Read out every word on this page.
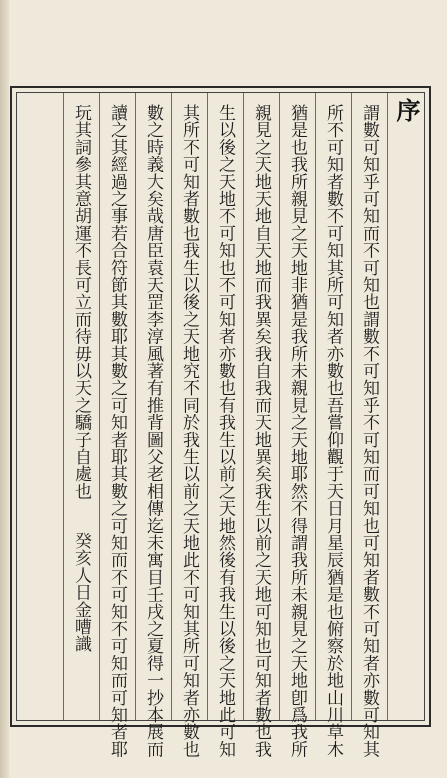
序
謂數可知乎可知而不可知也謂數不可知乎不可知而可知也可知者數不可知者亦數可知其
所不可知者數不可知其所可知者亦數也吾嘗仰觀于天日月星辰猶是也俯察於地山川草木
猶是也我所親見之天地非猶是我所未親見之天地耶然不得謂我所未親見之天地卽爲我所
親見之天地天地自天地而我異矣我自我而天地異矣我生以前之天地可知也可知者數也我
生以後之天地不可知也不可知者亦數也有我生以前之天地然後有我生以後之天地此可知
其所不可知者數也我生以後之天地究不同於我生以前之天地此不可知其所可知者亦數也
數之時義大矣哉唐臣袁天罡李淳風著有推背圖父老相傳迄未寓目壬戌之夏得一抄本展而
讀之其經過之事若合符節其數耶其數之可知者耶其數之可知而不可知不可知而可知者耶
玩其詞參其意胡運不長可立而待毋以天之驕子自處也
癸亥人日金嘈識
